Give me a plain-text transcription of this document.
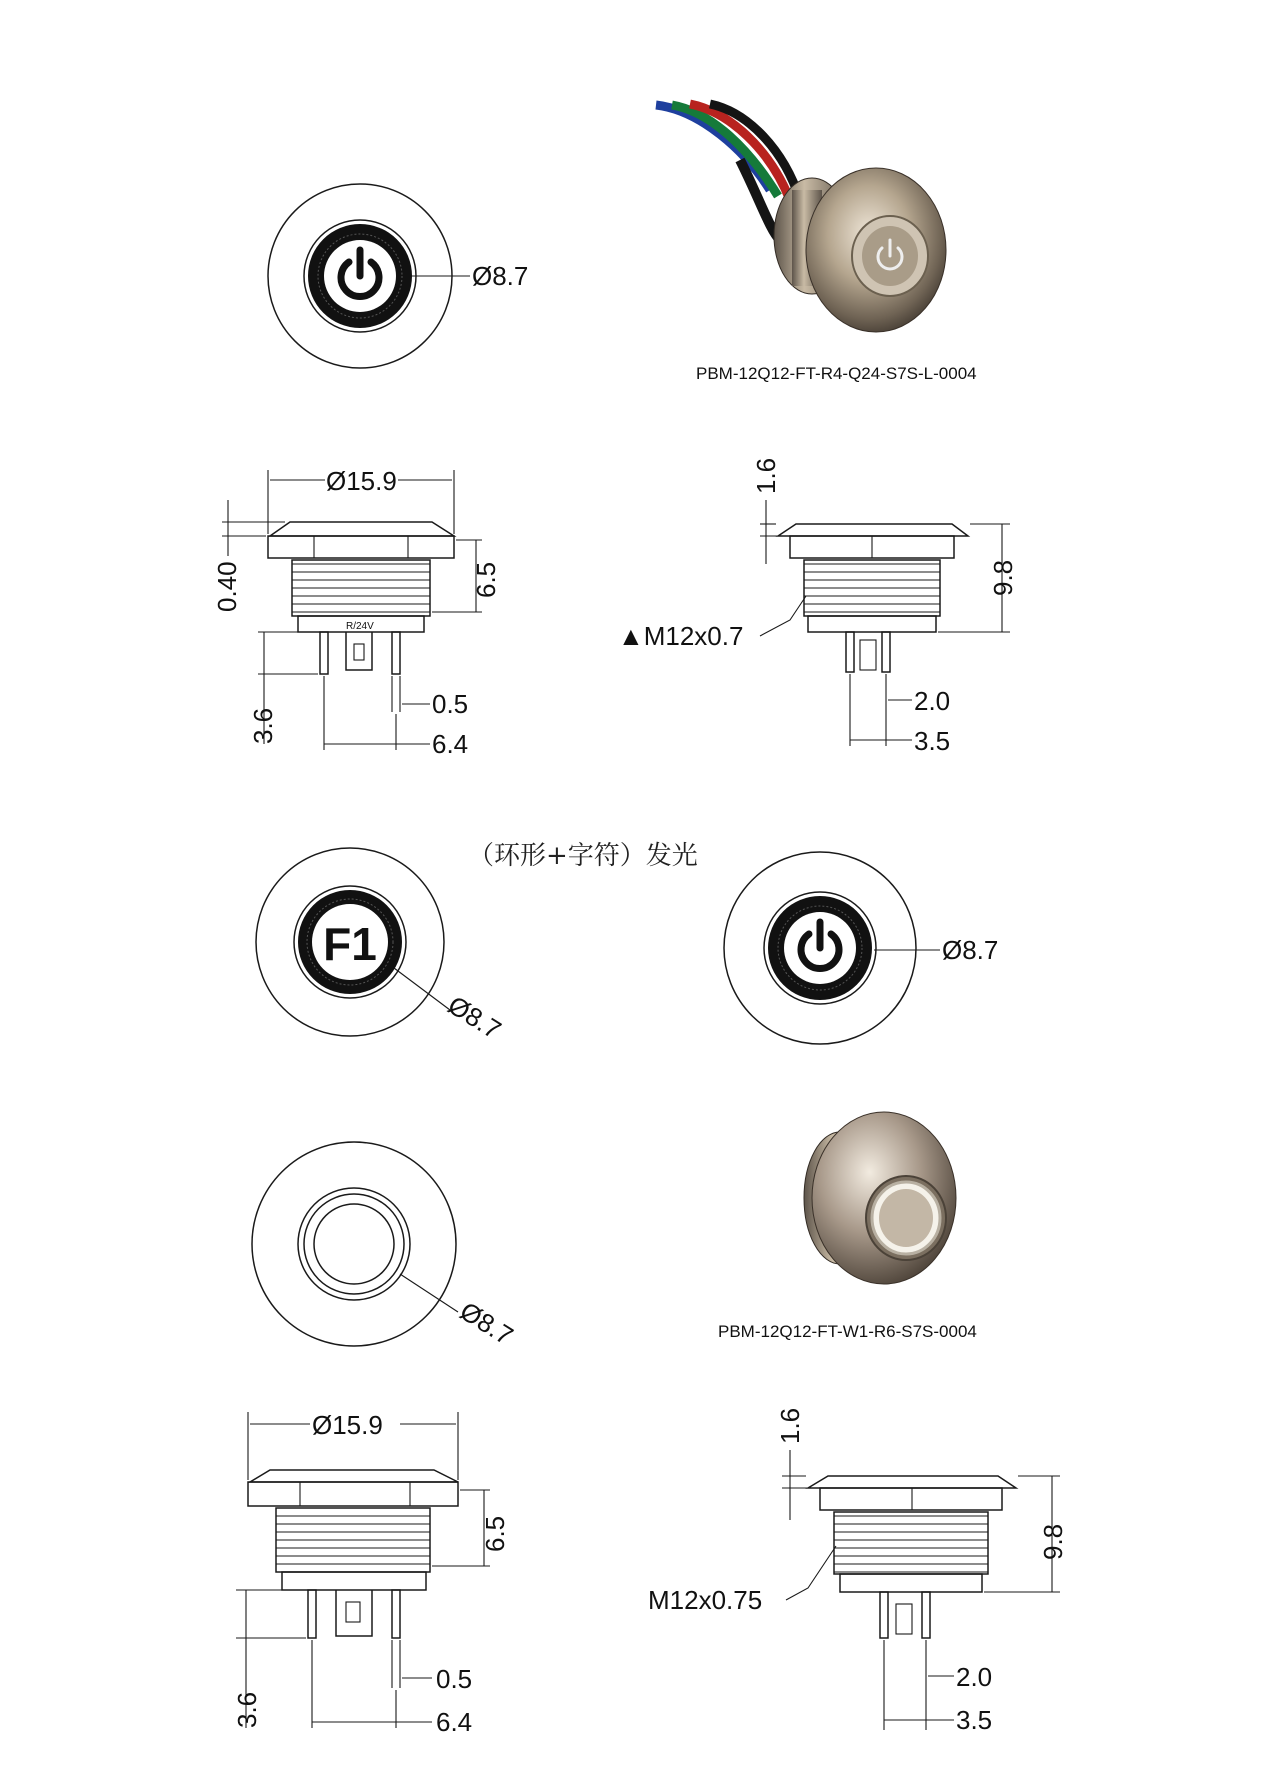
Ø8.7
PBM-12Q12-FT-R4-Q24-S7S-L-0004
R/24V
Ø15.9
0.40	6.5
3.6
0.5
6.4
1.6
9.8
▲M12x0.7
2.0
3.5
（环形+字符）发光
F1
Ø8.7
Ø8.7
Ø8.7	PBM-12Q12-FT-W1-R6-S7S-0004
Ø15.9
6.5
3.6
0.5
6.4
1.6
9.8
M12x0.75
2.0
3.5
